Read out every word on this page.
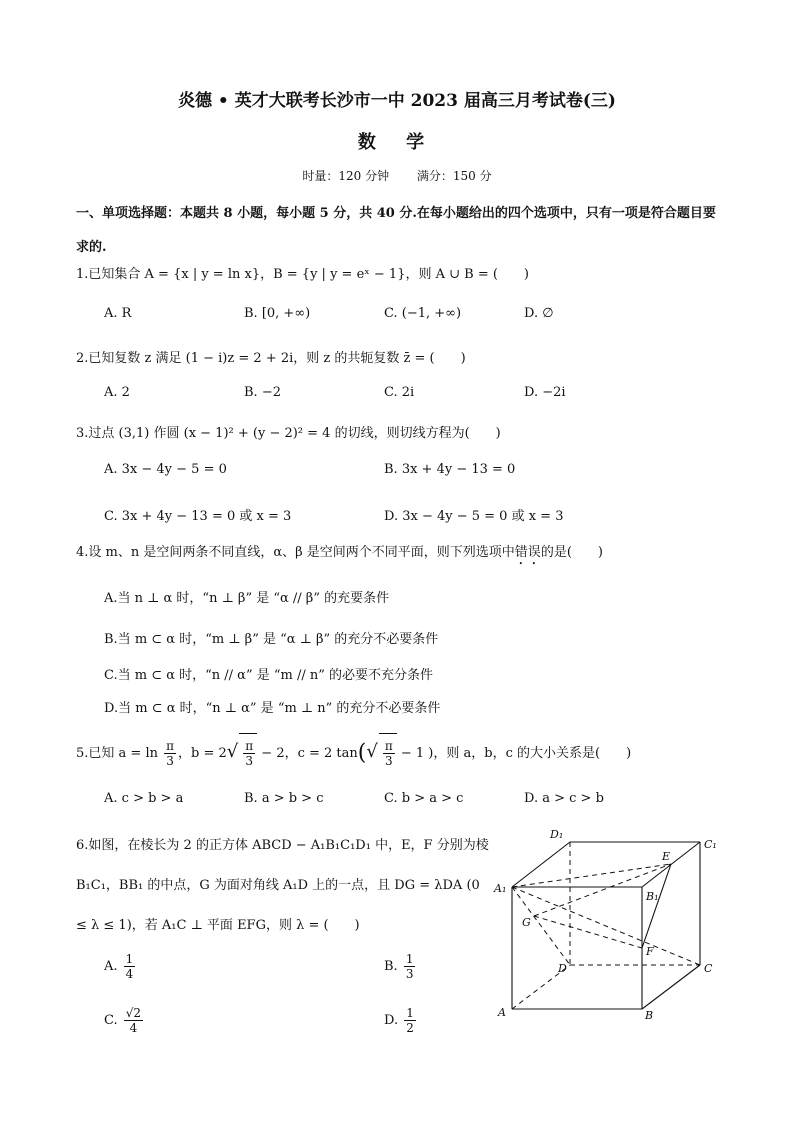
炎德 • 英才大联考长沙市一中 2023 届高三月考试卷(三)
数 学
时量：120 分钟 满分：150 分
一、单项选择题：本题共 8 小题，每小题 5 分，共 40 分.在每小题给出的四个选项中，只有一项是符合题目要求的.
1.已知集合 A = {x | y = ln x}，B = {y | y = eˣ − 1}，则 A ∪ B = (　　)
A. R	B. [0, +∞)	C. (−1, +∞)	D. ∅
2.已知复数 z 满足 (1 − i)z = 2 + 2i，则 z 的共轭复数 z̄ = (　　)
A. 2	B. −2	C. 2i	D. −2i
3.过点 (3,1) 作圆 (x − 1)² + (y − 2)² = 4 的切线，则切线方程为(　　)
A. 3x − 4y − 5 = 0	B. 3x + 4y − 13 = 0
C. 3x + 4y − 13 = 0 或 x = 3	D. 3x − 4y − 5 = 0 或 x = 3
4.设 m、n 是空间两条不同直线，α、β 是空间两个不同平面，则下列选项中错误的是(　　)
A.当 n ⊥ α 时，“n ⊥ β” 是 “α // β” 的充要条件
B.当 m ⊂ α 时，“m ⊥ β” 是 “α ⊥ β” 的充分不必要条件
C.当 m ⊂ α 时，“n // α” 是 “m // n” 的必要不充分条件
D.当 m ⊂ α 时，“n ⊥ α” 是 “m ⊥ n” 的充分不必要条件
5.已知 $a = \ln \frac{\pi}{3}$ ，$b = 2√ \frac{\pi}{3} - 2$，c = 2 $\tan(√ \frac{\pi}{3} - 1$ )，则 a，b，c 的大小关系是(　　)
A. c > b > a	B. a > b > c	C. b > a > c	D. a > c > b
6.如图，在棱长为 2 的正方体 ABCD − A₁B₁C₁D₁ 中，E，F 分别为棱 B₁C₁，BB₁ 的中点，G 为面对角线 A₁D 上的一点，且 DG = λDA (0 ≤ λ ≤ 1)，若 A₁C ⊥ 平面 EFG，则 λ = (　　)
A. $\frac{1}{4}$	B. $\frac{1}{3}$
C. $\frac{√2}{4}$	D. $\frac{1}{2}$
D₁
C₁
E
A₁
B₁
G
F
D	C
A	B
